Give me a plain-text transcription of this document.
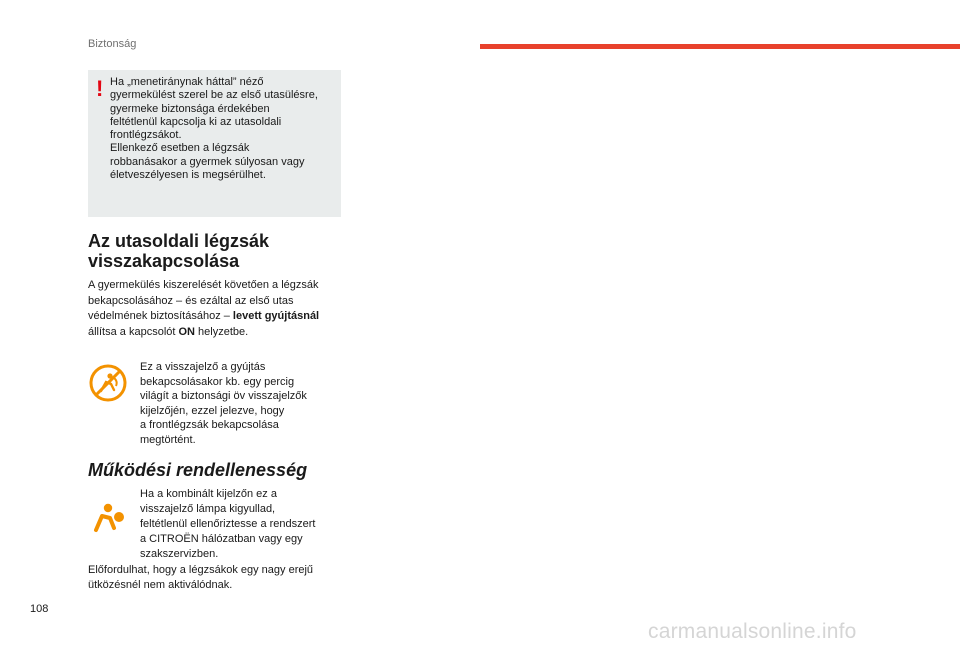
Biztonság
! Ha „menetiránynak háttal” néző
gyermekülést szerel be az első utasülésre,
gyermeke biztonsága érdekében
feltétlenül kapcsolja ki az utasoldali
frontlégzsákot.
Ellenkező esetben a légzsák
robbanásakor a gyermek súlyosan vagy
életveszélyesen is megsérülhet.
Az utasoldali légzsák
visszakapcsolása
A gyermekülés kiszerelését követően a légzsák bekapcsolásához – és ezáltal az első utas védelmének biztosításához – levett gyújtásnál állítsa a kapcsolót ON helyzetbe.
Ez a visszajelző a gyújtás
bekapcsolásakor kb. egy percig
világít a biztonsági öv visszajelzők
kijelzőjén, ezzel jelezve, hogy
a frontlégzsák bekapcsolása
megtörtént.
Működési rendellenesség
Ha a kombinált kijelzőn ez a
visszajelző lámpa kigyullad,
feltétlenül ellenőriztesse a rendszert
a CITROËN hálózatban vagy egy
szakszervizben.
Előfordulhat, hogy a légzsákok egy nagy erejű
ütközésnél nem aktiválódnak.
108
carmanualsonline.info
